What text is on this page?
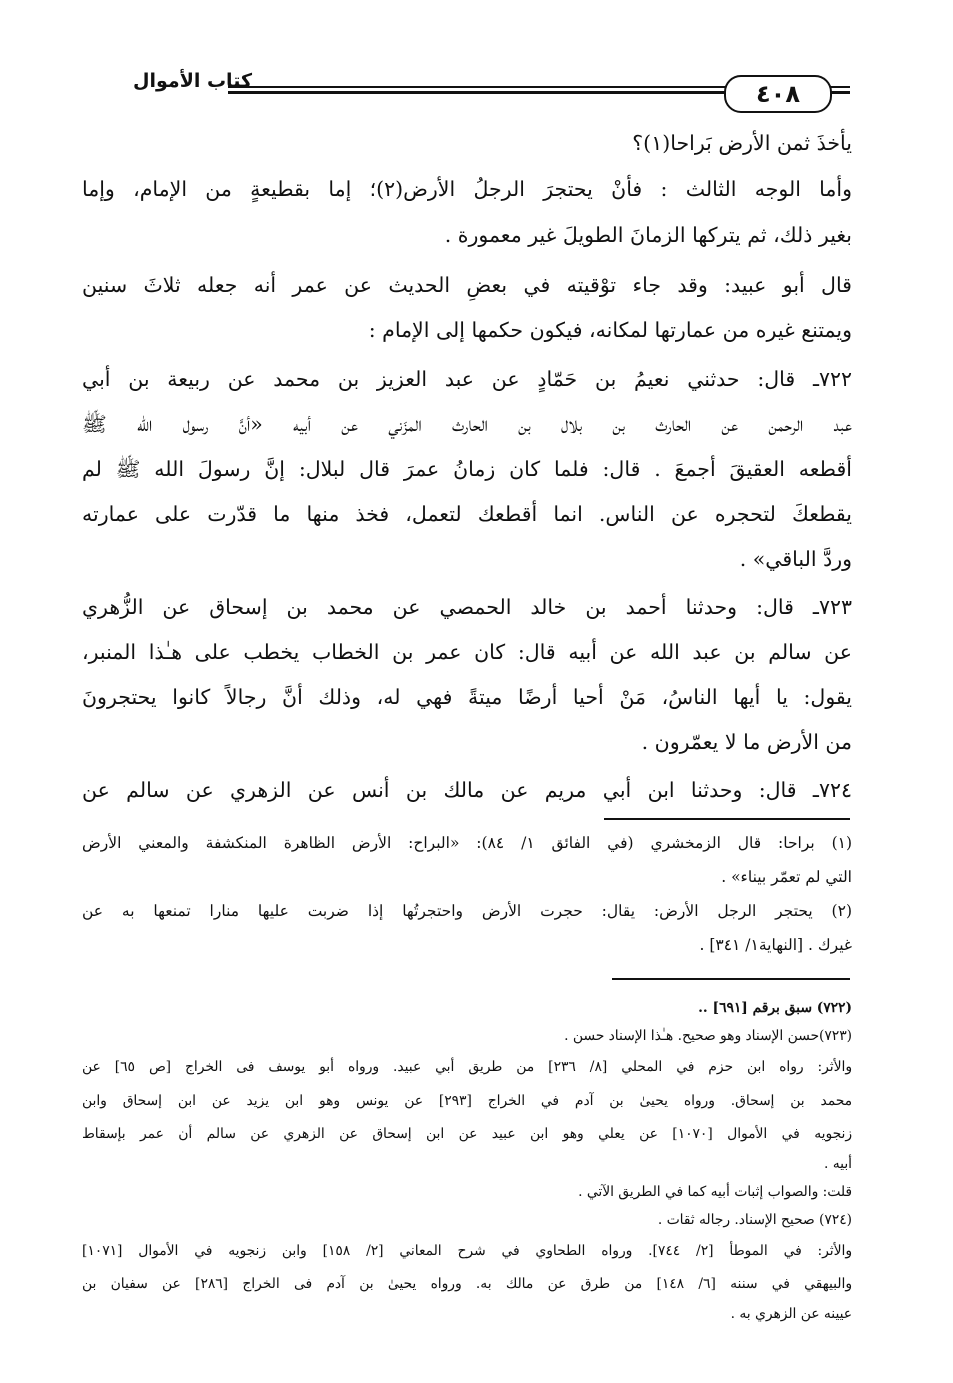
كتاب الأموال	٤٠٨
يأخذَ ثمن الأرض بَراحا(١)؟
وأما الوجه الثالث : فأنْ يحتجرَ الرجلُ الأرض(٢)؛ إما بقطيعةٍ من الإمام، وإما
بغير ذلك، ثم يتركها الزمانَ الطويلَ غير معمورة .
قال أبو عبيد: وقد جاء توْقيته في بعضِ الحديث عن عمر أنه جعله ثلاثَ سنين
ويمتنع غيره من عمارتها لمكانه، فيكون حكمها إلى الإمام :
٧٢٢ـ قال: حدثني نعيمُ بن حَمّادٍ عن عبد العزيز بن محمد عن ربيعة بن أبي
عبد الرحمن عن الحارث بن بلال بن الحارث المزَني عن أبيه «أنَّ رسول الله ﷺ
أقطعه العقيقَ أجمعَ . قال: فلما كان زمانُ عمرَ قال لبلال: إنَّ رسولَ الله ﷺ لم
يقطعكَ لتحجره عن الناس. انما أقطعك لتعمل، فخذ منها ما قدّرت على عمارته
وردَّ الباقي» .
٧٢٣ـ قال: وحدثنا أحمد بن خالد الحمصي عن محمد بن إسحاق عن الزُّهري
عن سالم بن عبد الله عن أبيه قال: كان عمر بن الخطاب يخطب على هـٰذا المنبر،
يقول: يا أيها الناسُ، مَنْ أحيا أرضًا ميتةً فهي له، وذلك أنَّ رجالاً كانوا يحتجرونَ
من الأرض ما لا يعمّرون .
٧٢٤ـ قال: وحدثنا ابن أبي مريم عن مالك بن أنس عن الزهري عن سالم عن
(١) براحا: قال الزمخشري (في الفائق ١/ ٨٤): «البراح: الأرض الظاهرة المنكشفة والمعني الأرض
التي لم تعمّر بيناء» .
(٢) يحتجر الرجل الأرض: يقال: حجرت الأرض واحتجرتُها إذا ضربت عليها منارا تمنعها به عن
غيرك . [النهاية١/ ٣٤١] .
(٧٢٢) سبق برقم [٦٩١] ..
(٧٢٣)حسن الإسناد وهو صحيح. هـٰذا الإسناد حسن .
والأثر: رواه ابن حزم في المحلي [٨/ ٢٣٦] من طريق أبي عبيد. ورواه أبو يوسف فى الخراج [ص ٦٥] عن
محمد بن إسحاق. ورواه يحيىٰ بن آدم في الخراج [٢٩٣] عن يونس وهو ابن يزيد عن ابن إسحاق وابن
زنجويه في الأموال [١٠٧٠] عن يعلي وهو ابن عبيد عن ابن إسحاق عن الزهري عن سالم أن عمر بإسقاط
أبيه .
قلت: والصواب إثبات أبيه كما في الطريق الآتي .
(٧٢٤) صحيح الإسناد. رجاله ثقات .
والأثر: في الموطأ [٢/ ٧٤٤]. ورواه الطحاوي في شرح المعاني [٢/ ١٥٨] وابن زنجويه في الأموال [١٠٧١]
والبيهقي في سننه [٦/ ١٤٨] من طرق عن مالك به. ورواه يحيىٰ بن آدم فى الخراج [٢٨٦] عن سفيان بن
عيينه عن الزهري به .
